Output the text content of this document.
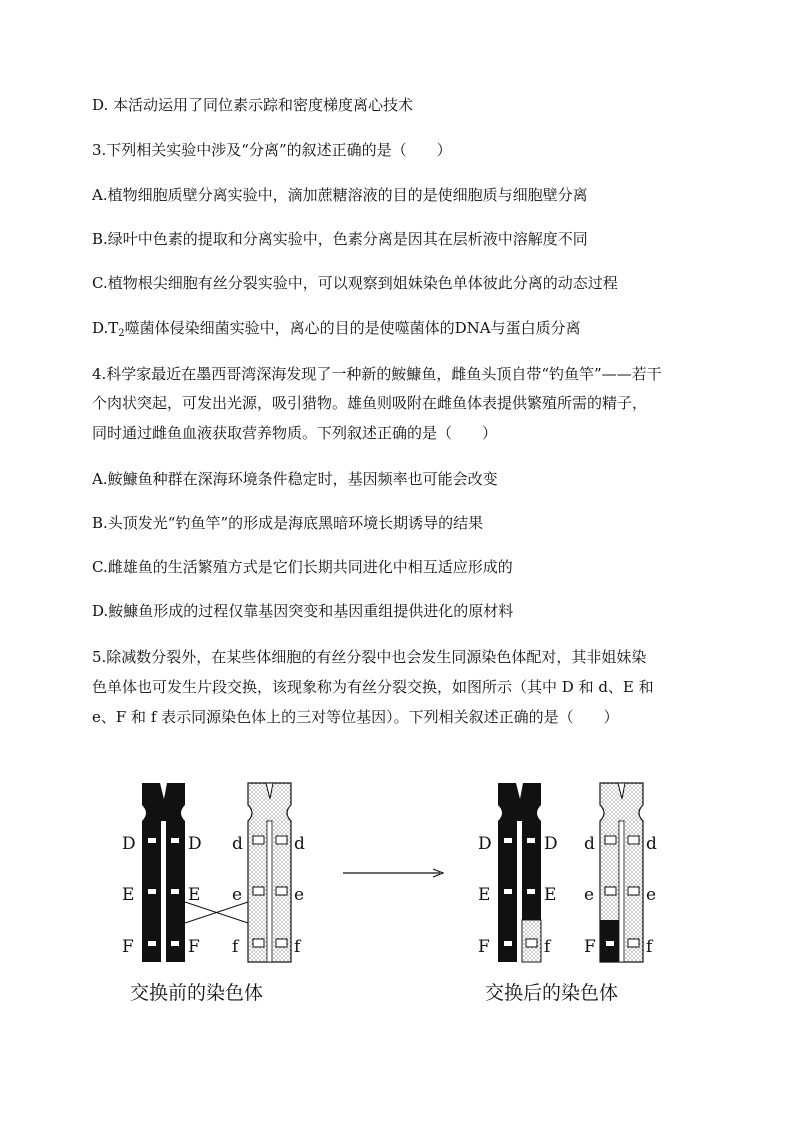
D. 本活动运用了同位素示踪和密度梯度离心技术
3.下列相关实验中涉及“分离”的叙述正确的是（　　）
A.植物细胞质壁分离实验中，滴加蔗糖溶液的目的是使细胞质与细胞壁分离
B.绿叶中色素的提取和分离实验中，色素分离是因其在层析液中溶解度不同
C.植物根尖细胞有丝分裂实验中，可以观察到姐妹染色单体彼此分离的动态过程
$D.T_2$噬菌体侵染细菌实验中，离心的目的是使噬菌体的DNA与蛋白质分离
4.科学家最近在墨西哥湾深海发现了一种新的鮟鱇鱼，雌鱼头顶自带“钓鱼竿”——若干
个肉状突起，可发出光源，吸引猎物。雄鱼则吸附在雌鱼体表提供繁殖所需的精子，
同时通过雌鱼血液获取营养物质。下列叙述正确的是（　　）
A.鮟鱇鱼种群在深海环境条件稳定时，基因频率也可能会改变
B.头顶发光“钓鱼竿”的形成是海底黑暗环境长期诱导的结果
C.雌雄鱼的生活繁殖方式是它们长期共同进化中相互适应形成的
D.鮟鱇鱼形成的过程仅靠基因突变和基因重组提供进化的原材料
5.除减数分裂外，在某些体细胞的有丝分裂中也会发生同源染色体配对，其非姐妹染
色单体也可发生片段交换，该现象称为有丝分裂交换，如图所示（其中 D 和 d、E 和
e、F 和 f 表示同源染色体上的三对等位基因）。下列相关叙述正确的是（　　）
D	D
E	E
F	F
d	d
e	e
f	f
D	D
E	E
F	f
d	d
e	e
F	f
交换前的染色体	交换后的染色体
